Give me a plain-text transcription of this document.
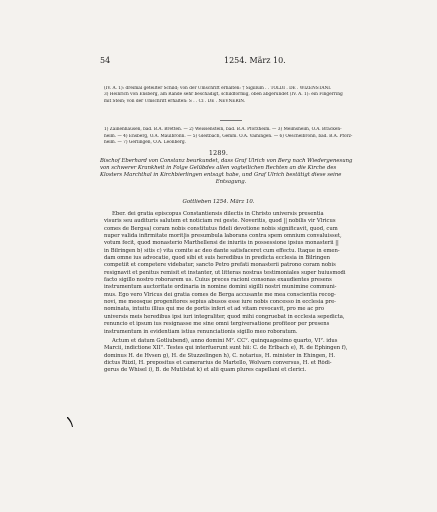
54	1254. März 10.
(IV. A. 1): dreimal geteilter Schild; von der Umschrift erhalten: † Sigillum . . TOLDI . DE . WIZENSTANI.
3) Heinrich von Ensberg, am Rande sehr beschädigt, schildförmig, oben abgerundet (IV. A. 1): ein Fingerring
mit Stein; von der Umschrift erhalten: S . . CI . DE . NEVNERIN.
1) Zainenhausen, bad. B.A. Bretten. — 2) Weissenstein, bad. B.A. Pforzheim. — 3) Meimsheim, O.A. Bracken-
heim. — 4) Ensberg, O.A. Maulbronn. — 5) Gleitbach, Gemm. O.A. Vaihingen. — 6) Oeschelbronn, bad. B.A. Pforz-
heim. — 7) Gerlingen, O.A. Leonberg.
1289.
Bischof Eberhard von Constanz beurkundet, dass Graf Ulrich von Berg nach Wiedergenesung
von schwerer Krankheit in Folge Gelübdes allen vogteilichen Rechten an die Kirche des
Klosters Marchthal in Kirchbierlingen entsagt habe, und Graf Ulrich bestätigt diese seine
Entsagung.
Gottlieben 1254. März 10.
Eber. dei gratia episcopus Constantiensis dilectis in Christo universis presentia
visuris seu audituris salutem et noticiam rei geste. Noveritis, quod || nobilis vir Vlricus
comes de Bergsa) coram nobis constitutus fideli devotione nobis significavit, quod, cum
nuper valida infirmitate morit|is presumbula laborans contra spem omnium convaluisset,
votum fecit, quod monasterio Marthellensi de iniuriis in possessione ipsius monasterii ||
in Bilringen b) sitis c) vita comite ac deo dante satisfaceret cum effectu. Itaque in emen-
dam omne ius advocatie, quod sibi et suis heredibus in predicta ecclesia in Bilringen
competiit et competere videbatur, sancto Petro prefati monasterii patrono coram nobis
resignavit et penitus remisit et instanter, ut litteras nostras testimoniales super huiusmodi
facto sigillo nostro roborarem us. Cuius preces racioni consonas exaudientes presens
instrumentum auctoritate ordinaria in nomine domini sigilli nostri munimine communi-
mus. Ego vero Vlricus dei gratia comes de Berga accusante me mea conscientia recog-
novi, me meosque progenitores sepius abusos esse iure nobis concesso in ecclesia pre-
nominata, intuitu illius qui me de portis inferi et ad vitam revocavit, pro me ac pro
universis meis heredibus ipsi iuri integraliter, quod mihi congruebat in ecclesia sepedicta,
renuncio et ipsum ius resignasse me sine omni tergiversatione profiteor per presens
instrumentum in evidentiam istius renunciationis sigillo meo roboratum.
Actum et datum Gotliubend), anno domini M°. CC°. quinquagesimo quarto, VI°. idus
Marcii, indictione XII°. Testes qui interfuerunt sunt hii: C. de Erlbach e), R. de Ephingen f),
dominus H. de Hvsen g), H. de Stuzzelingen h), C. notarius, H. minister in Ehingen, H.
dictus Riizil, H. prepositus et camerarius de Martello, Wolvarn conversus, H. et Rôdi-
gerus de Whisel i), B. de Mutilstat k) et alii quam plures capellani et clerici.
